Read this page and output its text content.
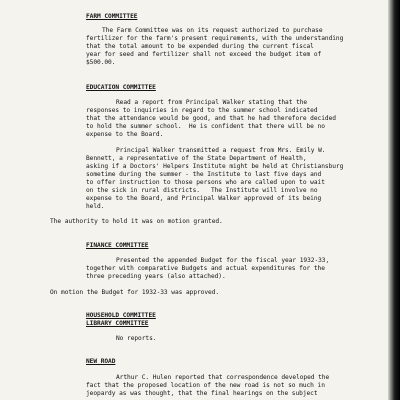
FARM COMMITTEE
The Farm Committee was on its request authorized to purchase
fertilizer for the farm's present requirements, with the understanding
that the total amount to be expended during the current fiscal
year for seed and fertilizer shall not exceed the budget item of
$500.00.
EDUCATION COMMITTEE
Read a report from Principal Walker stating that the
responses to inquiries in regard to the summer school indicated
that the attendance would be good, and that he had therefore decided
to hold the summer school.  He is confident that there will be no
expense to the Board.
Principal Walker transmitted a request from Mrs. Emily W.
Bennett, a representative of the State Department of Health,
asking if a Doctors' Helpers Institute might be held at Christiansburg
sometime during the summer - the Institute to last five days and
to offer instruction to those persons who are called upon to wait
on the sick in rural districts.   The Institute will involve no
expense to the Board, and Principal Walker approved of its being
held.
The authority to hold it was on motion granted.
FINANCE COMMITTEE
Presented the appended Budget for the fiscal year 1932-33,
together with comparative Budgets and actual expenditures for the
three preceding years (also attached).
On motion the Budget for 1932-33 was approved.
HOUSEHOLD COMMITTEE
LIBRARY COMMITTEE
No reports.
NEW ROAD
Arthur C. Hulen reported that correspondence developed the
fact that the proposed location of the new road is not so much in
jeopardy as was thought, that the final hearings on the subject
